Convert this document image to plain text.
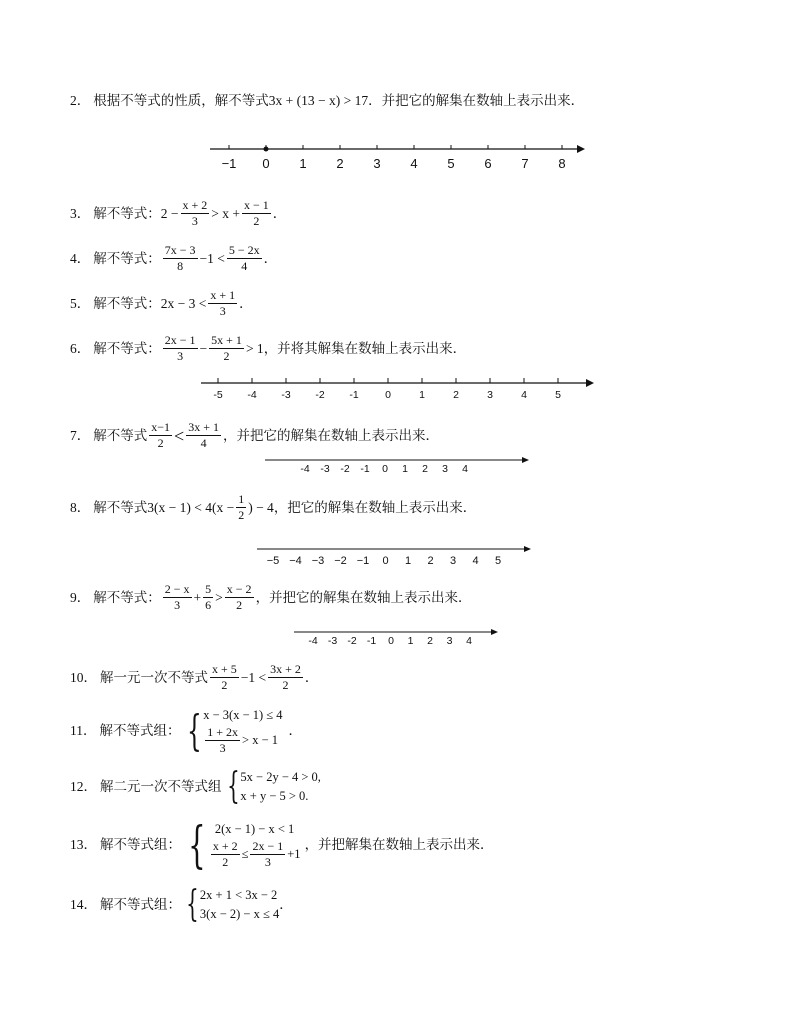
2． 根据不等式的性质，解不等式3x + (13 − x) > 17．并把它的解集在数轴上表示出来．
−1 0 1 2 3 4 5 6 7 8
3． 解不等式： $2 - \frac{x + 2}{3} > x + \frac{x - 1}{2}$ ．
4． 解不等式： $\frac{7x - 3}{8} -1 < \frac{5 - 2x}{4}$ ．
5． 解不等式： $2x - 3 < \frac{x + 1}{3}$ ．
6． 解不等式： $\frac{2x - 1}{3} - \frac{5x + 1}{2} > 1$ ，并将其解集在数轴上表示出来．
-5 -4 -3 -2 -1	0	1	2	3	4	5
7． 解不等式 $\frac{x-1}{2} < \frac{3x + 1}{4}$ ，并把它的解集在数轴上表示出来．
-4 -3 -2 -1 0 1 2 3 4
8． 解不等式 $3(x - 1) < 4(x - \frac{1}{2}$ ) − 4 ，把它的解集在数轴上表示出来．
−5 −4 −3 −2 −1 0 1 2 3 4 5
9． 解不等式： $\frac{2 - x}{3} + \frac{5}{6} > \frac{x - 2}{2}$ ，并把它的解集在数轴上表示出来．
-4 -3 -2 -1 0 1 2 3 4
10． 解一元一次不等式 $\frac{x + 5}{2} -1 < \frac{3x + 2}{2}$ ．
11． 解不等式组： { x − 3(x − 1) ≤ 4
$\frac{1 + 2x}{3} > x - 1$
．
12． 解二元一次不等式组 { 5x − 2y − 4 > 0,
x + y − 5 > 0.
13． 解不等式组： { 2(x − 1) − x < 1
$\frac{x + 2}{2} \le \frac{2x - 1}{3} +1$
，并把解集在数轴上表示出来．
14． 解不等式组： { 2x + 1 < 3x − 2
3(x − 2) − x ≤ 4
．
